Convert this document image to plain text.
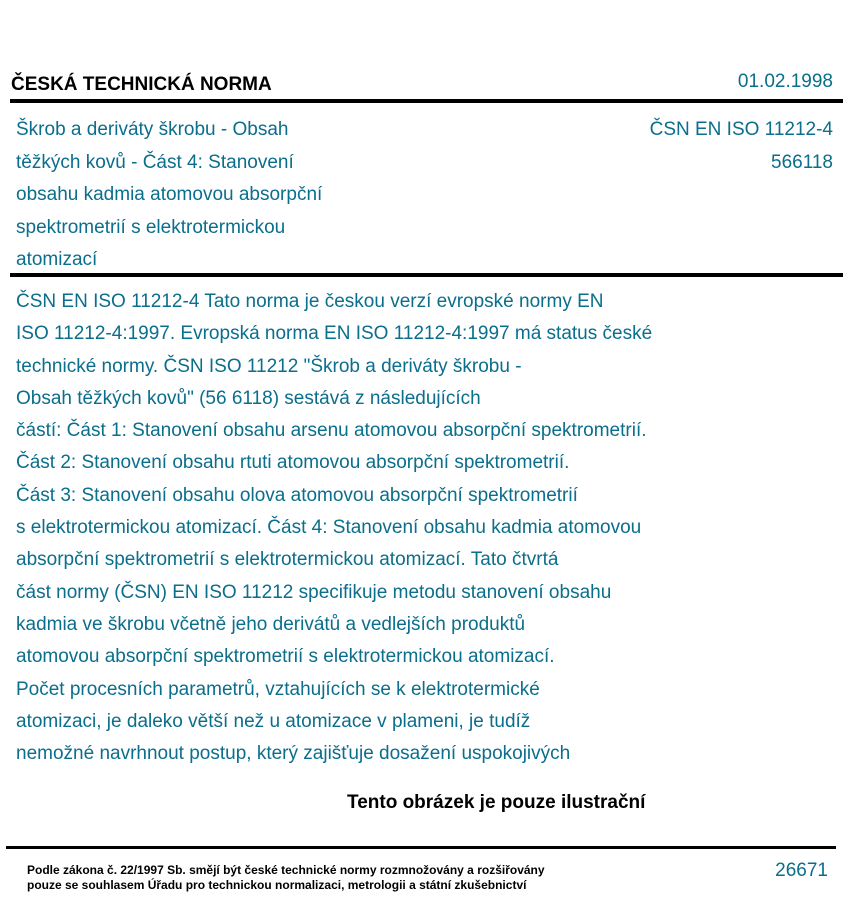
ČESKÁ TECHNICKÁ NORMA	01.02.1998
Škrob a deriváty škrobu - Obsah
těžkých kovů - Část 4: Stanovení
obsahu kadmia atomovou absorpční
spektrometrií s elektrotermickou
atomizací
ČSN EN ISO 11212-4
566118
ČSN EN ISO 11212-4 Tato norma je českou verzí evropské normy EN
ISO 11212-4:1997. Evropská norma EN ISO 11212-4:1997 má status české
technické normy. ČSN ISO 11212 "Škrob a deriváty škrobu -
Obsah těžkých kovů" (56 6118) sestává z následujících
částí: Část 1: Stanovení obsahu arsenu atomovou absorpční spektrometrií.
Část 2: Stanovení obsahu rtuti atomovou absorpční spektrometrií.
Část 3: Stanovení obsahu olova atomovou absorpční spektrometrií
s elektrotermickou atomizací. Část 4: Stanovení obsahu kadmia atomovou
absorpční spektrometrií s elektrotermickou atomizací. Tato čtvrtá
část normy (ČSN) EN ISO 11212 specifikuje metodu stanovení obsahu
kadmia ve škrobu včetně jeho derivátů a vedlejších produktů
atomovou absorpční spektrometrií s elektrotermickou atomizací.
Počet procesních parametrů, vztahujících se k elektrotermické
atomizaci, je daleko větší než u atomizace v plameni, je tudíž
nemožné navrhnout postup, který zajišťuje dosažení uspokojivých
Tento obrázek je pouze ilustrační
Podle zákona č. 22/1997 Sb. smějí být české technické normy rozmnožovány a rozšiřovány
pouze se souhlasem Úřadu pro technickou normalizaci, metrologii a státní zkušebnictví
26671
